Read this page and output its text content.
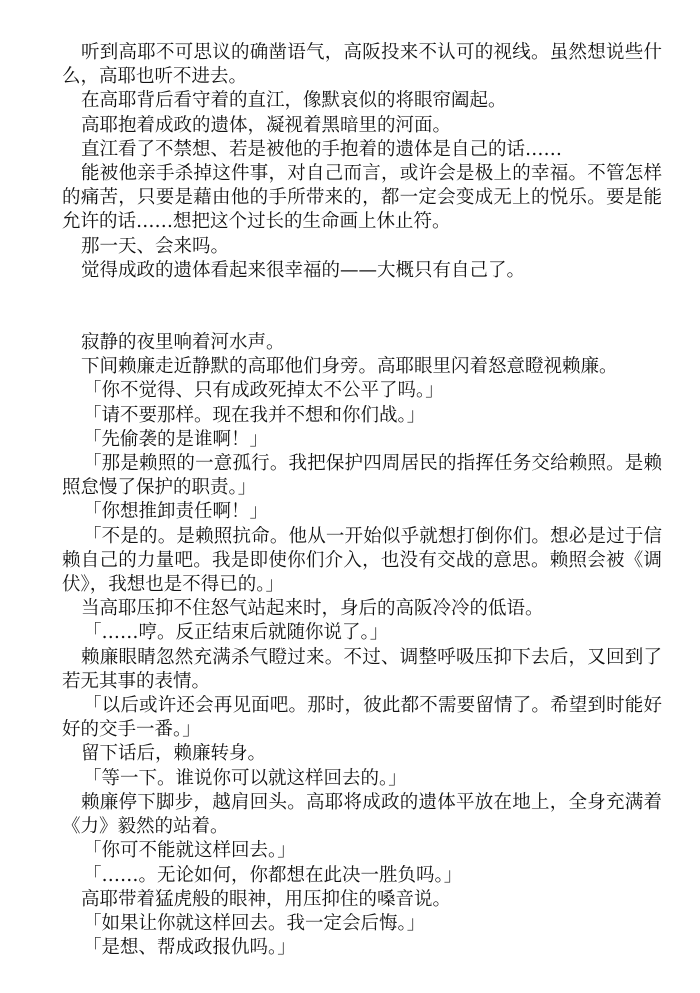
听到高耶不可思议的确凿语气，高阪投来不认可的视线。虽然想说些什么，高耶也听不进去。

在高耶背后看守着的直江，像默哀似的将眼帘阖起。

高耶抱着成政的遗体，凝视着黑暗里的河面。

直江看了不禁想、若是被他的手抱着的遗体是自己的话……

能被他亲手杀掉这件事，对自己而言，或许会是极上的幸福。不管怎样的痛苦，只要是藉由他的手所带来的，都一定会变成无上的悦乐。要是能允许的话……想把这个过长的生命画上休止符。

那一天、会来吗。

觉得成政的遗体看起来很幸福的——大概只有自己了。

寂静的夜里响着河水声。

下间赖廉走近静默的高耶他们身旁。高耶眼里闪着怒意瞪视赖廉。

「你不觉得、只有成政死掉太不公平了吗。」

「请不要那样。现在我并不想和你们战。」

「先偷袭的是谁啊！」

「那是赖照的一意孤行。我把保护四周居民的指挥任务交给赖照。是赖照怠慢了保护的职责。」

「你想推卸责任啊！」

「不是的。是赖照抗命。他从一开始似乎就想打倒你们。想必是过于信赖自己的力量吧。我是即使你们介入，也没有交战的意思。赖照会被《调伏》，我想也是不得已的。」

当高耶压抑不住怒气站起来时，身后的高阪冷冷的低语。

「……哼。反正结束后就随你说了。」

赖廉眼睛忽然充满杀气瞪过来。不过、调整呼吸压抑下去后，又回到了若无其事的表情。

「以后或许还会再见面吧。那时，彼此都不需要留情了。希望到时能好好的交手一番。」

留下话后，赖廉转身。

「等一下。谁说你可以就这样回去的。」

赖廉停下脚步，越肩回头。高耶将成政的遗体平放在地上，全身充满着《力》毅然的站着。

「你可不能就这样回去。」

「……。无论如何，你都想在此决一胜负吗。」

高耶带着猛虎般的眼神，用压抑住的嗓音说。

「如果让你就这样回去。我一定会后悔。」

「是想、帮成政报仇吗。」
